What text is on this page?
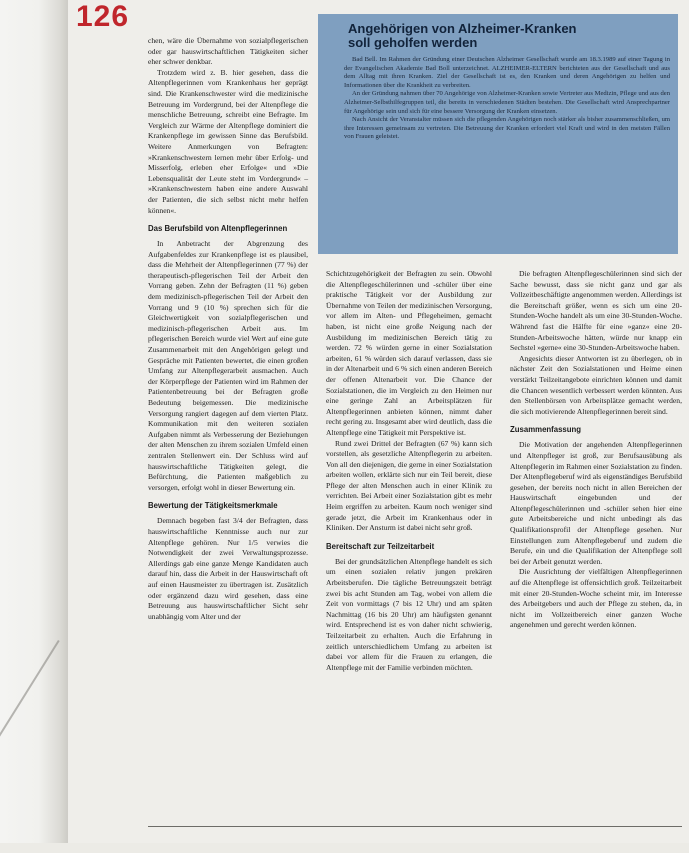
126	Angehörigen von Alzheimer-Kranken
soll geholfen werden

Bad Bell. Im Rahmen der Gründung einer Deutschen Alzheimer Gesellschaft wurde am 18.3.1989 auf einer Tagung in der Evangelischen Akademie Bad Boll unterzeichnet. ALZHEIMER-ELTERN berichteten aus der Gesellschaft und aus dem Alltag mit ihren Kranken. Ziel der Gesellschaft ist es, den Kranken und deren Angehörigen zu helfen und Informationen über die Krankheit zu verbreiten.

An der Gründung nahmen über 70 Angehörige von Alzheimer-Kranken sowie Vertreter aus Medizin, Pflege und aus den Alzheimer-Selbsthilfegruppen teil, die bereits in verschiedenen Städten bestehen. Die Gesellschaft wird Ansprechpartner für Angehörige sein und sich für eine bessere Versorgung der Kranken einsetzen.

Nach Ansicht der Veranstalter müssen sich die pflegenden Angehörigen noch stärker als bisher zusammenschließen, um ihre Interessen gemeinsam zu vertreten. Die Betreuung der Kranken erfordert viel Kraft und wird in den meisten Fällen von Frauen geleistet.

chen, wäre die Übernahme von sozialpflegerischen oder gar hauswirtschaftlichen Tätigkeiten sicher eher schwer denkbar.

Trotzdem wird z. B. hier gesehen, dass die Altenpflegerinnen vom Krankenhaus her geprägt sind. Die Krankenschwester wird die medizinische Betreuung im Vordergrund, bei der Altenpflege die menschliche Betreuung, schreibt eine Befragte. Im Vergleich zur Wärme der Altenpflege dominiert die Krankenpflege im gewissen Sinne das Berufsbild. Weitere Anmerkungen von Befragten: »Krankenschwestern lernen mehr über Erfolg- und Misserfolg, erleben eher Erfolge« und »Die Lebensqualität der Leute steht im Vordergrund« – »Krankenschwestern haben eine andere Auswahl der Patienten, die sich selbst nicht mehr helfen können«.

Das Berufsbild von Altenpflegerinnen

In Anbetracht der Abgrenzung des Aufgabenfeldes zur Krankenpflege ist es plausibel, dass die Mehrheit der Altenpflegerinnen (77 %) der therapeutisch-pflegerischen Teil der Arbeit den Vorrang geben. Zehn der Befragten (11 %) geben dem medizinisch-pflegerischen Teil der Arbeit den Vorrang und 9 (10 %) sprechen sich für die Gleichwertigkeit von sozialpflegerischen und medizinisch-pflegerischen Arbeit aus. Im pflegerischen Bereich wurde viel Wert auf eine gute Zusammenarbeit mit den Angehörigen gelegt und Gespräche mit Patienten bewertet, die einen großen Umfang zur Altenpflegerarbeit ausmachen. Auch der Körperpflege der Patienten wird im Rahmen der Patientenbetreuung bei der Befragten große Bedeutung beigemessen. Die medizinische Versorgung rangiert dagegen auf dem vierten Platz. Kommunikation mit den weiteren sozialen Aufgaben nimmt als Verbesserung der Beziehungen der alten Menschen zu ihrem sozialen Umfeld einen zentralen Stellenwert ein. Der Schluss wird auf hauswirtschaftliche Tätigkeiten gelegt, die Befürchtung, die Patienten maßgeblich zu versorgen, erfolgt wohl in dieser Bewertung ein.

Bewertung der Tätigkeitsmerkmale

Demnach begeben fast 3/4 der Befragten, dass hauswirtschaftliche Kenntnisse auch nur zur Altenpflege gehören. Nur 1/5 verwies die Notwendigkeit der zwei Verwaltungsprozesse. Allerdings gab eine ganze Menge Kandidaten auch darauf hin, dass die Arbeit in der Hauswirtschaft oft auf einen Hausmeister zu übertragen ist. Zusätzlich oder ergänzend dazu wird gesehen, dass eine Betreuung aus hauswirtschaftlicher Sicht sehr unabhängig vom Alter und der

Schichtzugehörigkeit der Befragten zu sein. Obwohl die Altenpflegeschülerinnen und -schüler über eine praktische Tätigkeit vor der Ausbildung zur Übernahme von Teilen der medizinischen Versorgung, vor allem im Alten- und Pflegeheimen, gemacht haben, ist nicht eine große Neigung nach der Ausbildung im medizinischen Bereich tätig zu werden. 72 % würden gerne in einer Sozialstation arbeiten, 61 % würden sich darauf verlassen, dass sie in der Altenarbeit und 6 % sich einen anderen Bereich der offenen Altenarbeit vor. Die Chance der Sozialstationen, die im Vergleich zu den Heimen nur eine geringe Zahl an Arbeitsplätzen für Altenpflegerinnen anbieten können, nimmt daher recht gering zu. Insgesamt aber wird deutlich, dass die Altenpflege eine Tätigkeit mit Perspektive ist.

Rund zwei Drittel der Befragten (67 %) kann sich vorstellen, als gesetzliche Altenpflegerin zu arbeiten. Von all den diejenigen, die gerne in einer Sozialstation arbeiten wollen, erklärte sich nur ein Teil bereit, diese Pflege der alten Menschen auch in einer Klinik zu verrichten. Bei Arbeit einer Sozialstation gibt es mehr Heim ergriffen zu arbeiten. Kaum noch weniger sind gerade jetzt, die Arbeit im Krankenhaus oder in Kliniken. Der Ansturm ist dabei nicht sehr groß.

Bereitschaft zur Teilzeitarbeit

Bei der grundsätzlichen Altenpflege handelt es sich um einen sozialen relativ jungen prekären Arbeitsberufen. Die tägliche Betreuungszeit beträgt zwei bis acht Stunden am Tag, wobei von allem die Zeit von vormittags (7 bis 12 Uhr) und am späten Nachmittag (16 bis 20 Uhr) am häufigsten genannt wird. Entsprechend ist es von daher nicht schwierig, Teilzeitarbeit zu erhalten. Auch die Erfahrung in zeitlich unterschiedlichem Umfang zu arbeiten ist dabei vor allem für die Frauen zu erlangen, die Altenpflege mit der Familie verbinden möchten.

Die befragten Altenpflegeschülerinnen sind sich der Sache bewusst, dass sie nicht ganz und gar als Vollzeitbeschäftigte angenommen werden. Allerdings ist die Bereitschaft größer, wenn es sich um eine 20-Stunden-Woche handelt als um eine 30-Stunden-Woche. Während fast die Hälfte für eine »ganz« eine 20-Stunden-Arbeitswoche hätten, würde nur knapp ein Sechstel »gerne« eine 30-Stunden-Arbeitswoche haben.

Angesichts dieser Antworten ist zu überlegen, ob in nächster Zeit den Sozialstationen und Heime einen verstärkt Teilzeitangebote einrichten können und damit die Chancen wesentlich verbessert werden könnten. Aus den Stellenbörsen von Arbeitsplätze gemacht werden, die sich motivierende Altenpflegerinnen bereit sind.

Zusammenfassung

Die Motivation der angehenden Altenpflegerinnen und Altenpfleger ist groß, zur Berufsausübung als Altenpflegerin im Rahmen einer Sozialstation zu finden. Der Altenpflegeberuf wird als eigenständiges Berufsbild gesehen, der bereits noch nicht in allen Bereichen der Hauswirtschaft eingebunden und der Altenpflegeschülerinnen und -schüler sehen hier eine gute Arbeitsbereiche und nicht unbedingt als das Qualifikationsprofil der Altenpflege gesehen. Nur Einstellungen zum Altenpflegeberuf und zudem die Berufe, ein und die Qualifikation der Altenpflege soll bei der Arbeit genutzt werden.

Die Ausrichtung der vielfältigen Altenpflegerinnen auf die Altenpflege ist offensichtlich groß. Teilzeitarbeit mit einer 20-Stunden-Woche scheint mir, im Interesse des Arbeitgebers und auch der Pflege zu stehen, da, in nicht im Vollzeitbereich einer ganzen Woche angenehmen und gerecht werden können.
